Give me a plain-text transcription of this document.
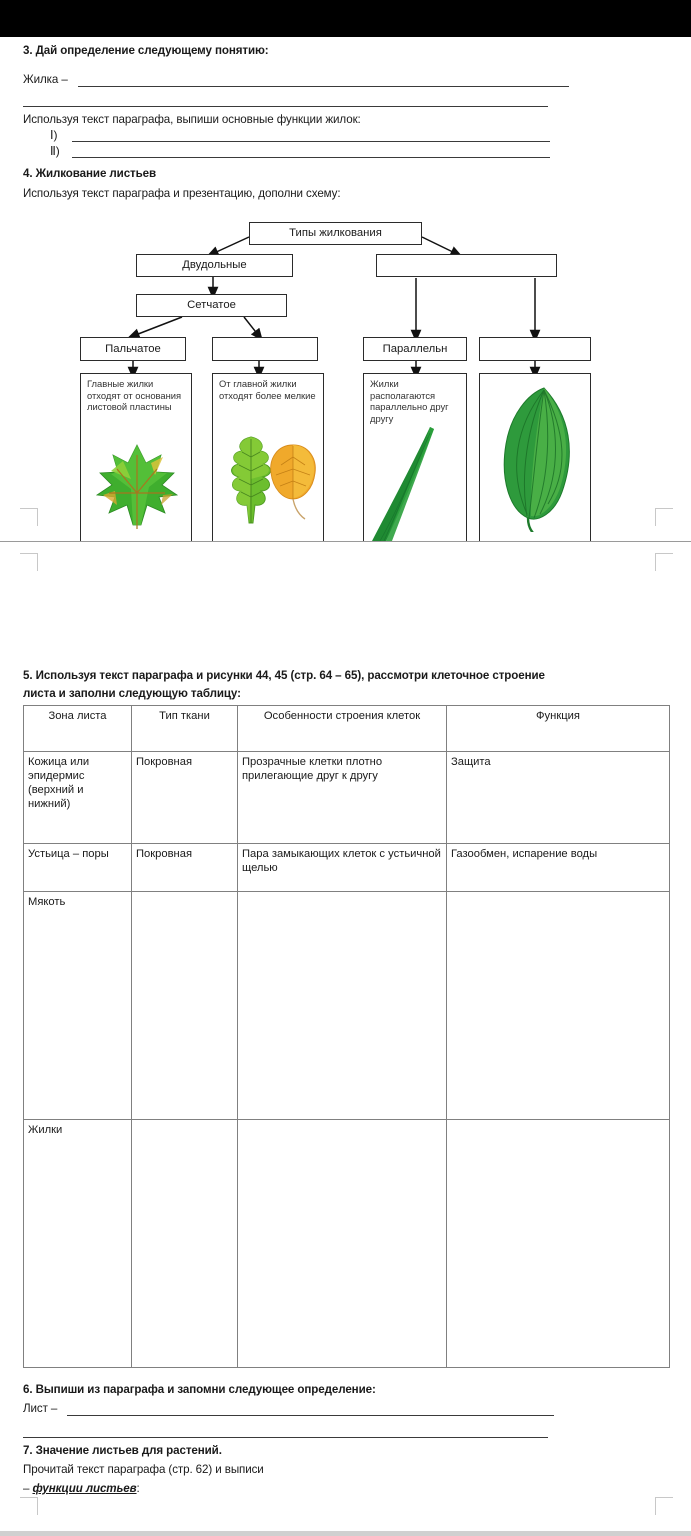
3. Дай определение следующему понятию:
Жилка –
Используя текст параграфа, выпиши основные функции жилок:
Ⅰ)
Ⅱ)
4. Жилкование листьев
Используя текст параграфа и презентацию, дополни схему:
Типы жилкования
Двудольные
Сетчатое
Пальчатое	Параллельн
Главные жилки отходят от основания листовой пластины
От главной жилки отходят более мелкие
Жилки располагаются параллельно друг другу
5. Используя текст параграфа и рисунки 44, 45 (стр. 64 – 65), рассмотри клеточное строение
листа и заполни следующую таблицу:
Зона листа	Тип ткани	Особенности строения клеток	Функция
Кожица или эпидермис (верхний и нижний)	Покровная	Прозрачные клетки плотно прилегающие друг к другу	Защита
Устьица – поры	Покровная	Пара замыкающих клеток с устьичной щелью	Газообмен, испарение воды
Мякоть			
Жилки			
6. Выпиши из параграфа и запомни следующее определение:
Лист –
7. Значение листьев для растений.
Прочитай текст параграфа (стр. 62) и выписи
– функции листьев:
